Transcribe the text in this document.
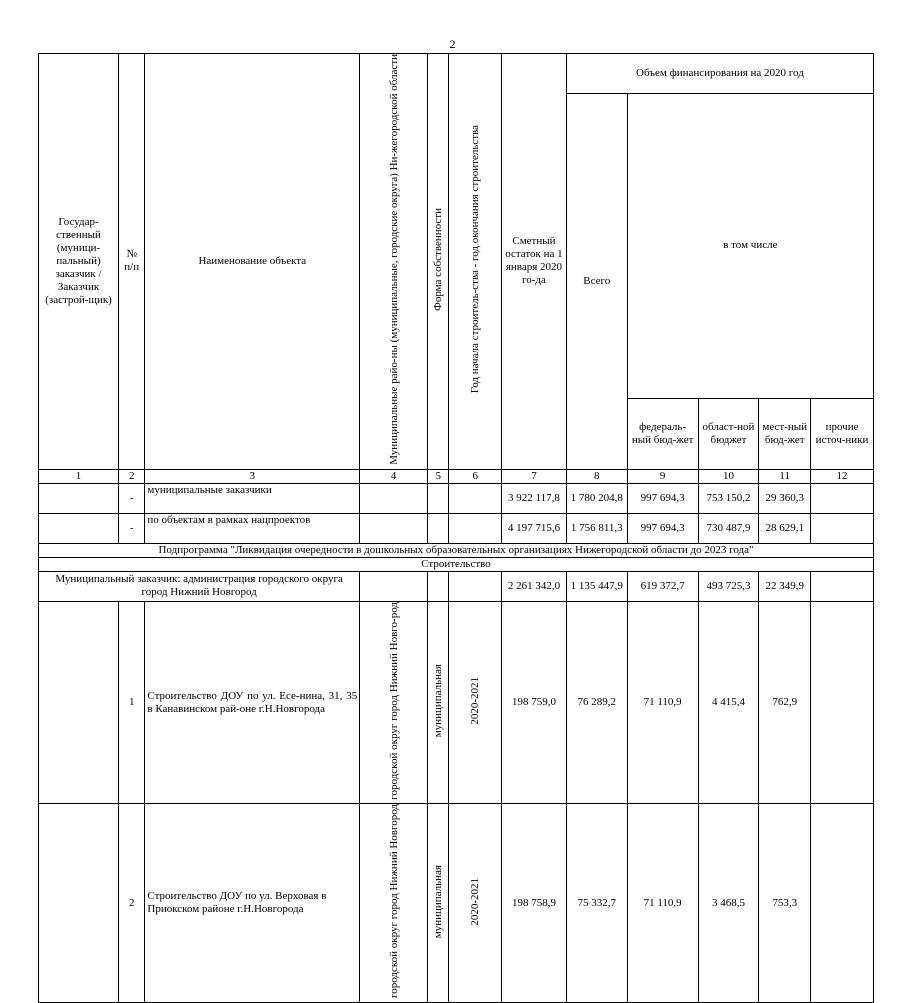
2
Государ-ственный (муници-пальный) заказчик / Заказчик (застрой-щик)	№ п/п	Наименование объекта	Муниципальные райо-ны (муниципальные, городские округа) Ни-жегородской области	Форма собственности	Год начала строитель-ства - год окончания строительства	Сметный остаток на 1 января 2020 го-да	Объем финансирования на 2020 год				
							Всего	в том числе			
								федераль-ный бюд-жет	област-ной бюджет	мест-ный бюд-жет	прочие источ-ники
1	2	3	4	5	6	7	8	9	10	11	12
	-	муниципальные заказчики				3 922 117,8	1 780 204,8	997 694,3	753 150,2	29 360,3	
	-	по объектам в рамках нацпроектов				4 197 715,6	1 756 811,3	997 694,3	730 487,9	28 629,1	
Подпрограмма "Ликвидация очередности в дошкольных образовательных организациях Нижегородской области до 2023 года"											
Строительство											
Муниципальный заказчик: администрация городского округа город Нижний Новгород						2 261 342,0	1 135 447,9	619 372,7	493 725,3	22 349,9	
	1	Строительство ДОУ по ул. Есе-нина, 31, 35 в Канавинском рай-оне г.Н.Новгорода	городской округ город Нижний Новго-род	муниципальная	2020-2021	198 759,0	76 289,2	71 110,9	4 415,4	762,9	
	2	Строительство ДОУ по ул. Верховая в Приокском районе г.Н.Новгорода	городской округ город Нижний Новгород	муниципальная	2020-2021	198 758,9	75 332,7	71 110,9	3 468,5	753,3	
